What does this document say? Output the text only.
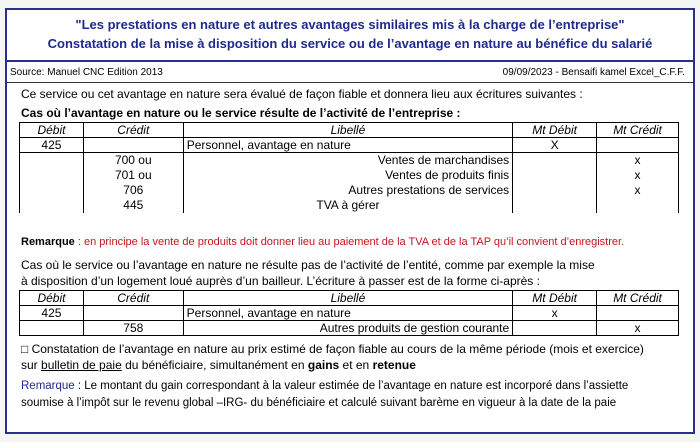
"Les prestations en nature et autres avantages similaires mis à la charge de l’entreprise"
Constatation de la mise à disposition du service ou de l’avantage en nature au bénéfice du salarié
Source: Manuel CNC Edition 2013	09/09/2023 - Bensaifi kamel Excel_C.F.F.
Ce service ou cet avantage en nature sera évalué de façon fiable et donnera lieu aux écritures suivantes :
Cas où l’avantage en nature ou le service résulte de l’activité de l’entreprise :
Débit	Crédit	Libellé	Mt Débit	Mt Crédit
425		Personnel, avantage en nature	X	
	700 ou	Ventes de marchandises		x
	701 ou	Ventes de produits finis		x
	706	Autres prestations de services		x
	445	TVA à gérer		
Remarque : en principe la vente de produits doit donner lieu au paiement de la TVA et de la TAP qu’il convient d’enregistrer.
Cas où le service ou l’avantage en nature ne résulte pas de l’activité de l’entité, comme par exemple la mise
à disposition d’un logement loué auprès d’un bailleur. L’écriture à passer est de la forme ci-après :
Débit	Crédit	Libellé	Mt Débit	Mt Crédit
425		Personnel, avantage en nature	x	
	758	Autres produits de gestion courante		x
□ Constatation de l’avantage en nature au prix estimé de façon fiable au cours de la même période (mois et exercice)
sur bulletin de paie du bénéficiaire, simultanément en gains et en retenue
Remarque : Le montant du gain correspondant à la valeur estimée de l’avantage en nature est incorporé dans l’assiette
soumise à l’impôt sur le revenu global –IRG- du bénéficiaire et calculé suivant barème en vigueur à la date de la paie
